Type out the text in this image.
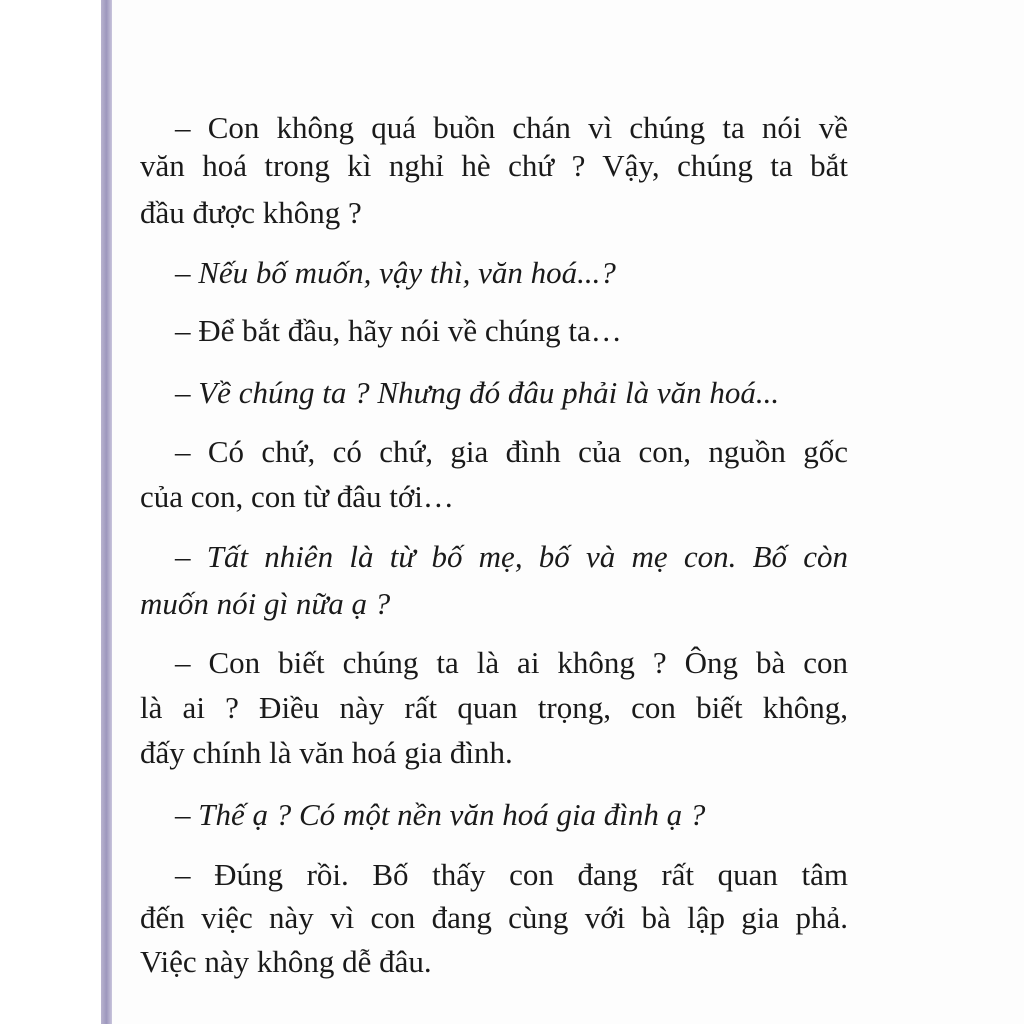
– Con không quá buồn chán vì chúng ta nói về
văn hoá trong kì nghỉ hè chứ ? Vậy, chúng ta bắt
đầu được không ?
– Nếu bố muốn, vậy thì, văn hoá...?
– Để bắt đầu, hãy nói về chúng ta…
– Về chúng ta ? Nhưng đó đâu phải là văn hoá...
– Có chứ, có chứ, gia đình của con, nguồn gốc
của con, con từ đâu tới…
– Tất nhiên là từ bố mẹ, bố và mẹ con. Bố còn
muốn nói gì nữa ạ ?
– Con biết chúng ta là ai không ? Ông bà con
là ai ? Điều này rất quan trọng, con biết không,
đấy chính là văn hoá gia đình.
– Thế ạ ? Có một nền văn hoá gia đình ạ ?
– Đúng rồi. Bố thấy con đang rất quan tâm
đến việc này vì con đang cùng với bà lập gia phả.
Việc này không dễ đâu.
